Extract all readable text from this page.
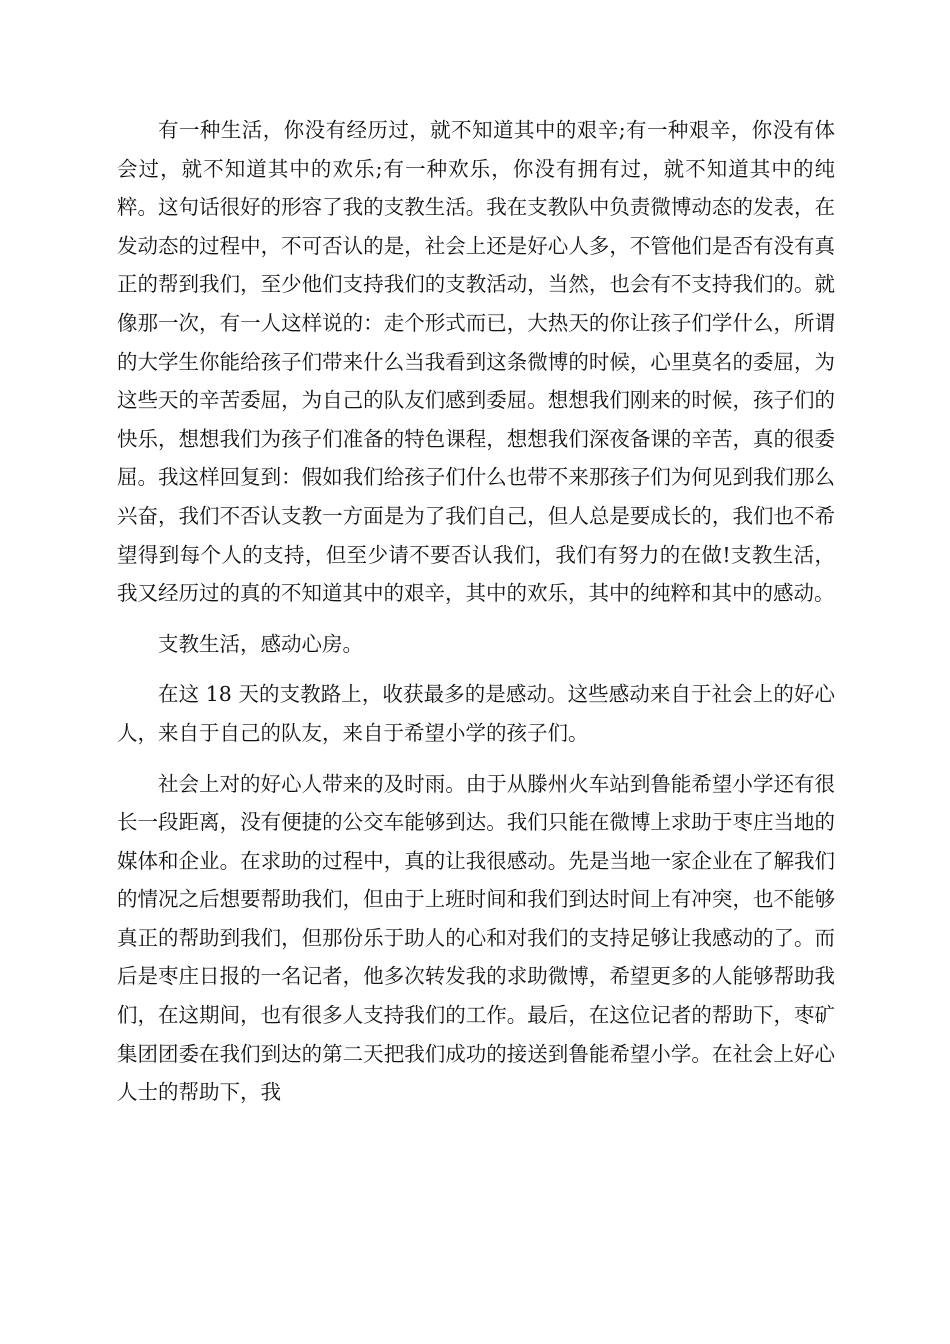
有一种生活，你没有经历过，就不知道其中的艰辛;有一种艰辛，你没有体会过，就不知道其中的欢乐;有一种欢乐，你没有拥有过，就不知道其中的纯粹。这句话很好的形容了我的支教生活。我在支教队中负责微博动态的发表，在发动态的过程中，不可否认的是，社会上还是好心人多，不管他们是否有没有真正的帮到我们，至少他们支持我们的支教活动，当然，也会有不支持我们的。就像那一次，有一人这样说的：走个形式而已，大热天的你让孩子们学什么，所谓的大学生你能给孩子们带来什么当我看到这条微博的时候，心里莫名的委屈，为这些天的辛苦委屈，为自己的队友们感到委屈。想想我们刚来的时候，孩子们的快乐，想想我们为孩子们准备的特色课程，想想我们深夜备课的辛苦，真的很委屈。我这样回复到：假如我们给孩子们什么也带不来那孩子们为何见到我们那么兴奋，我们不否认支教一方面是为了我们自己，但人总是要成长的，我们也不希望得到每个人的支持，但至少请不要否认我们，我们有努力的在做!支教生活，我又经历过的真的不知道其中的艰辛，其中的欢乐，其中的纯粹和其中的感动。

支教生活，感动心房。

在这 18 天的支教路上，收获最多的是感动。这些感动来自于社会上的好心人，来自于自己的队友，来自于希望小学的孩子们。

社会上对的好心人带来的及时雨。由于从滕州火车站到鲁能希望小学还有很长一段距离，没有便捷的公交车能够到达。我们只能在微博上求助于枣庄当地的媒体和企业。在求助的过程中，真的让我很感动。先是当地一家企业在了解我们的情况之后想要帮助我们，但由于上班时间和我们到达时间上有冲突，也不能够真正的帮助到我们，但那份乐于助人的心和对我们的支持足够让我感动的了。而后是枣庄日报的一名记者，他多次转发我的求助微博，希望更多的人能够帮助我们，在这期间，也有很多人支持我们的工作。最后，在这位记者的帮助下，枣矿集团团委在我们到达的第二天把我们成功的接送到鲁能希望小学。在社会上好心人士的帮助下，我
